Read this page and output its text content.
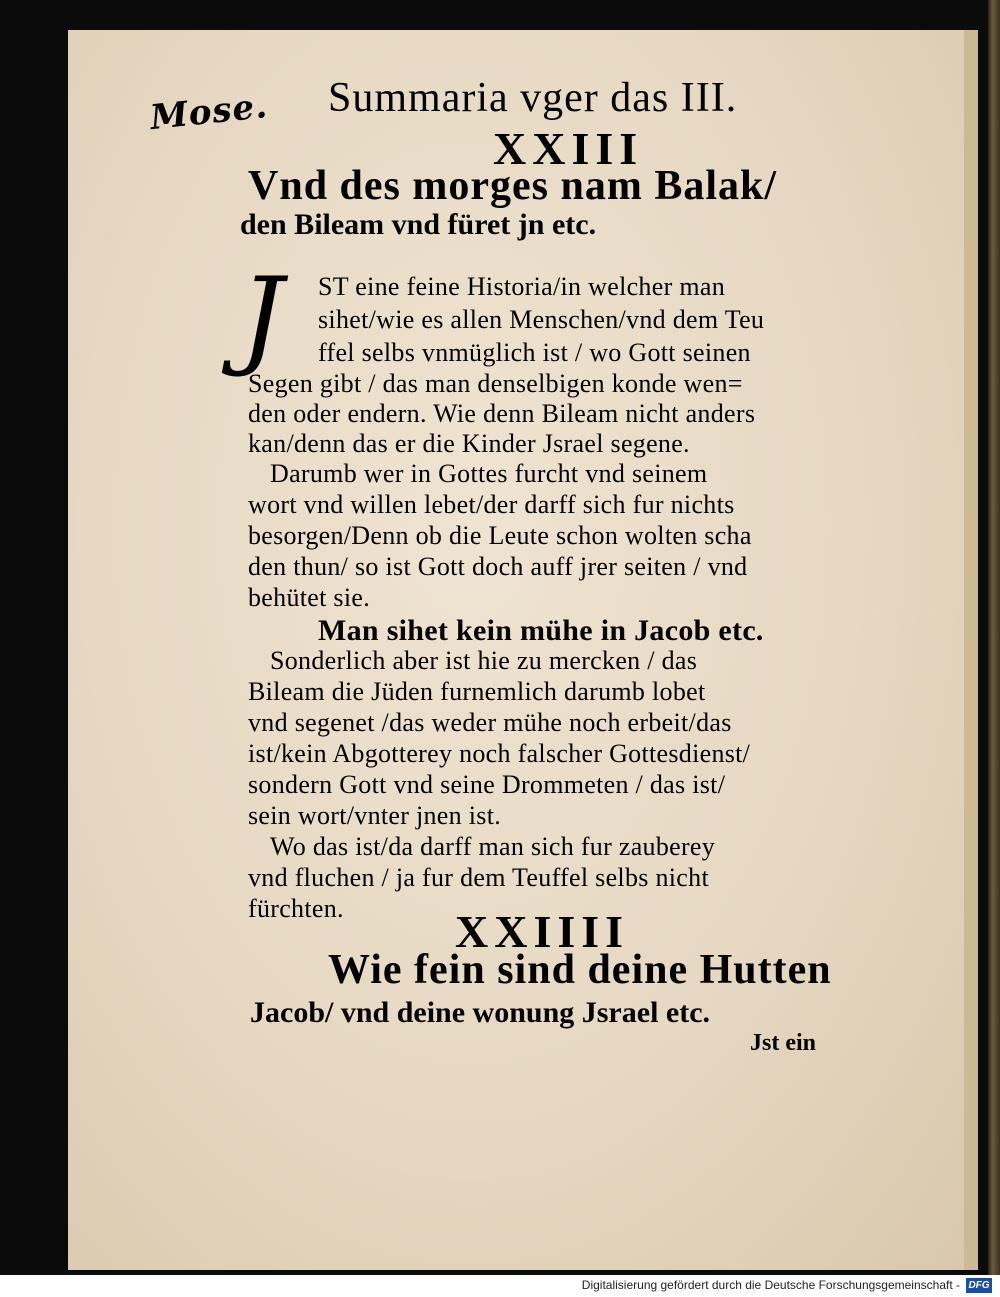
Mose. Summaria vger das III.
XXIII
Vnd des morges nam Balak/
den Bileam vnd füret jn etc.
J ST eine feine Historia/in welcher man
sihet/wie es allen Menschen/vnd dem Teu
ffel selbs vnmüglich ist / wo Gott seinen
Segen gibt / das man denselbigen konde wen=
den oder endern. Wie denn Bileam nicht anders
kan/denn das er die Kinder Jsrael segene.
Darumb wer in Gottes furcht vnd seinem
wort vnd willen lebet/der darff sich fur nichts
besorgen/Denn ob die Leute schon wolten scha
den thun/ so ist Gott doch auff jrer seiten / vnd
behütet sie.
Man sihet kein mühe in Jacob etc.
Sonderlich aber ist hie zu mercken / das
Bileam die Jüden furnemlich darumb lobet
vnd segenet /das weder mühe noch erbeit/das
ist/kein Abgotterey noch falscher Gottesdienst/
sondern Gott vnd seine Drommeten / das ist/
sein wort/vnter jnen ist.
Wo das ist/da darff man sich fur zauberey
vnd fluchen / ja fur dem Teuffel selbs nicht
fürchten. XXIIII
Wie fein sind deine Hutten
Jacob/ vnd deine wonung Jsrael etc.
Jst ein
Digitalisierung gefördert durch die Deutsche Forschungsgemeinschaft - DFG
